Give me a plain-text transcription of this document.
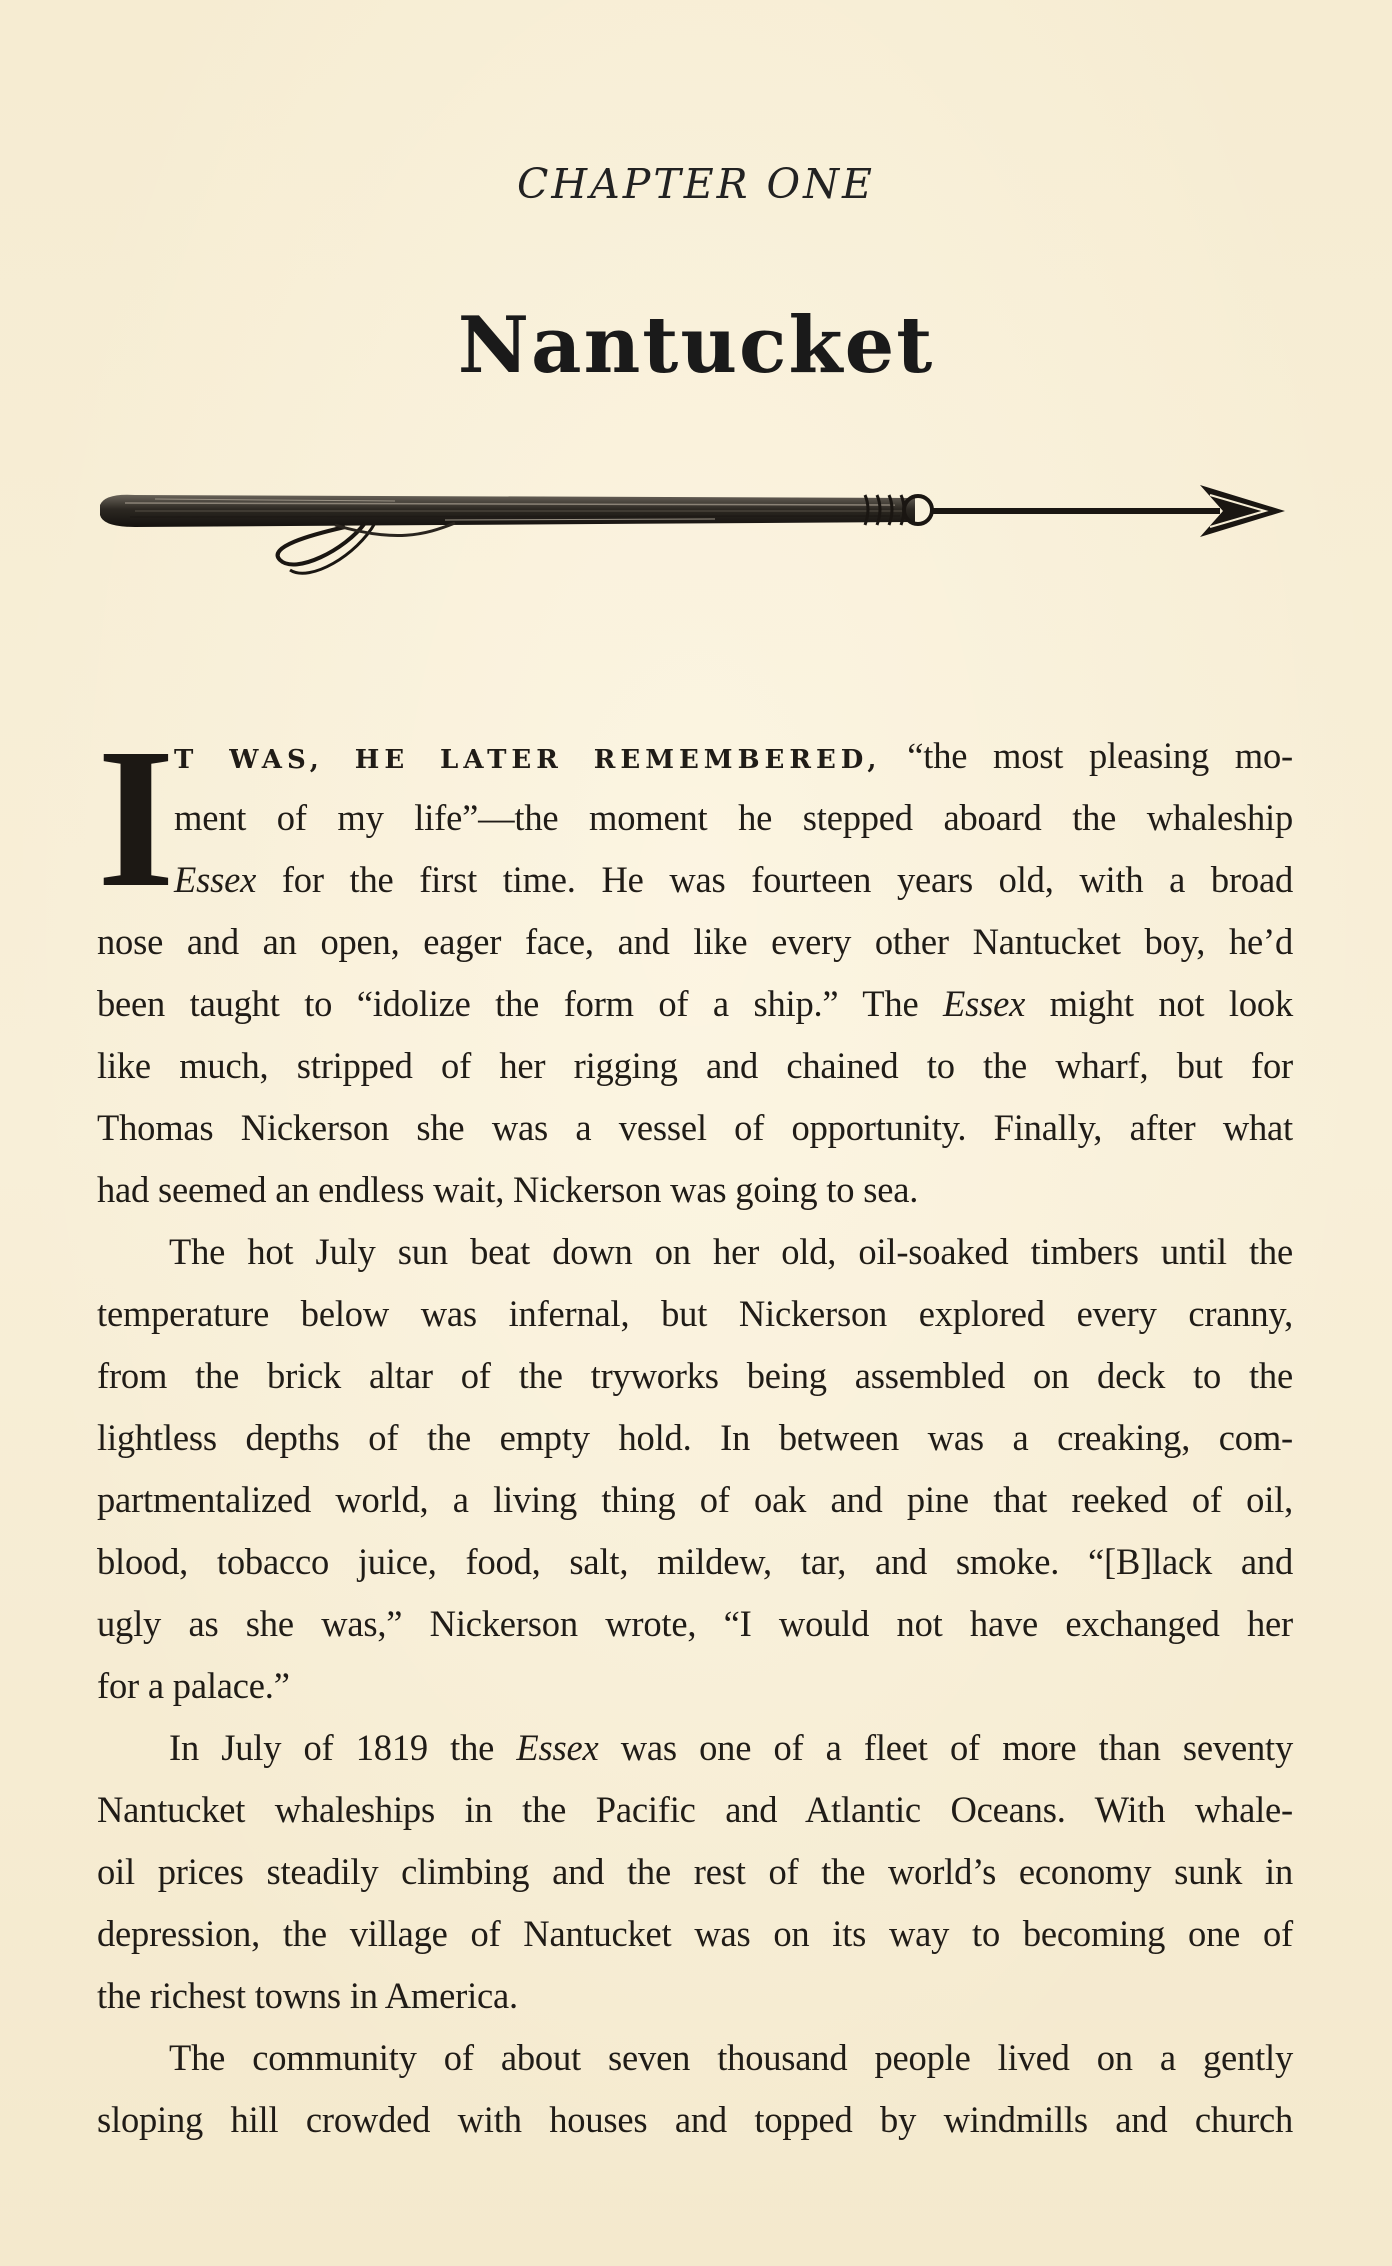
CHAPTER ONE
Nantucket
I T WAS, HE LATER REMEMBERED, “the most pleasing mo-
ment of my life”—the moment he stepped aboard the whaleship
Essex for the first time. He was fourteen years old, with a broad
nose and an open, eager face, and like every other Nantucket boy, he’d
been taught to “idolize the form of a ship.” The Essex might not look
like much, stripped of her rigging and chained to the wharf, but for
Thomas Nickerson she was a vessel of opportunity. Finally, after what
had seemed an endless wait, Nickerson was going to sea.
The hot July sun beat down on her old, oil-soaked timbers until the
temperature below was infernal, but Nickerson explored every cranny,
from the brick altar of the tryworks being assembled on deck to the
lightless depths of the empty hold. In between was a creaking, com-
partmentalized world, a living thing of oak and pine that reeked of oil,
blood, tobacco juice, food, salt, mildew, tar, and smoke. “[B]lack and
ugly as she was,” Nickerson wrote, “I would not have exchanged her
for a palace.”
In July of 1819 the Essex was one of a fleet of more than seventy
Nantucket whaleships in the Pacific and Atlantic Oceans. With whale-
oil prices steadily climbing and the rest of the world’s economy sunk in
depression, the village of Nantucket was on its way to becoming one of
the richest towns in America.
The community of about seven thousand people lived on a gently
sloping hill crowded with houses and topped by windmills and church
